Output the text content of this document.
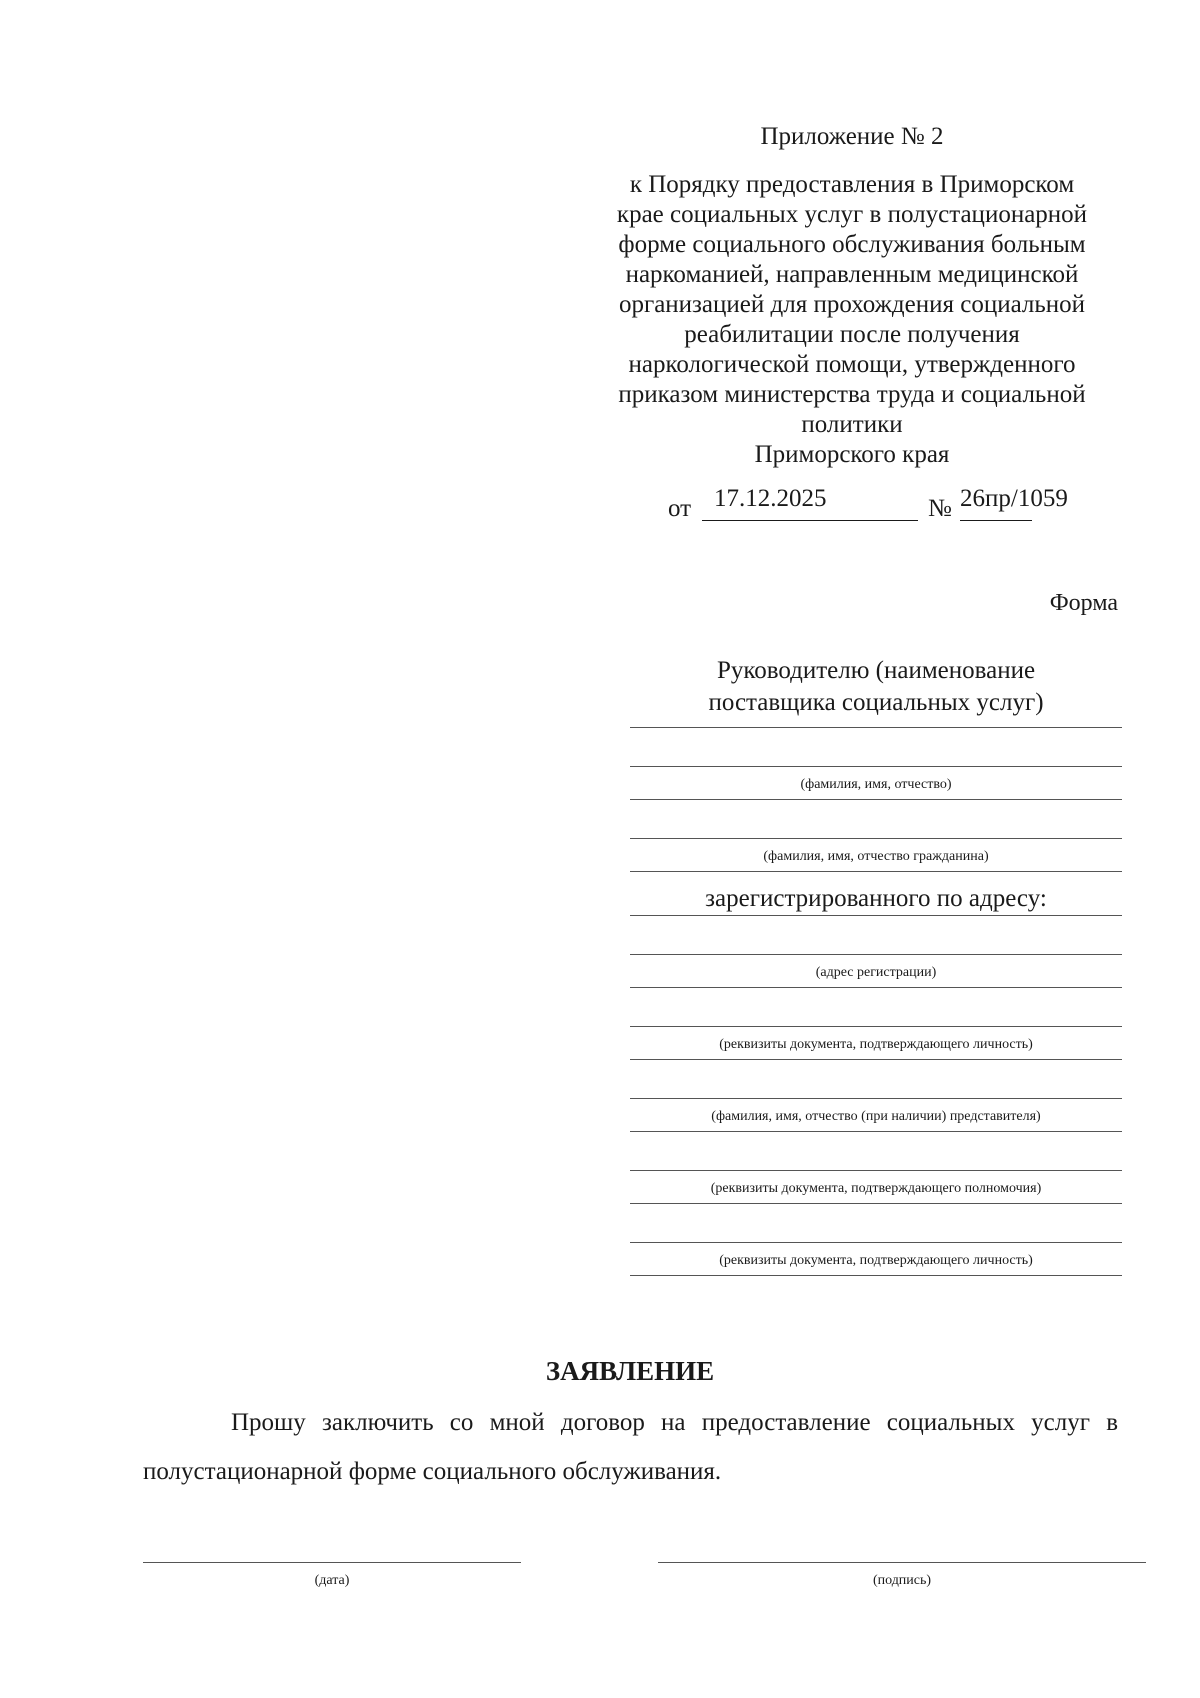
Приложение № 2
к Порядку предоставления в Приморском
крае социальных услуг в полустационарной
форме социального обслуживания больным
наркоманией, направленным медицинской
организацией для прохождения социальной
реабилитации после получения
наркологической помощи, утвержденного
приказом министерства труда и социальной
политики
Приморского края
от 17.12.2025	№ 26пр/1059
Форма
Руководителю (наименование
поставщика социальных услуг)
(фамилия, имя, отчество)
(фамилия, имя, отчество гражданина)
зарегистрированного по адресу:
(адрес регистрации)
(реквизиты документа, подтверждающего личность)
(фамилия, имя, отчество (при наличии) представителя)
(реквизиты документа, подтверждающего полномочия)
(реквизиты документа, подтверждающего личность)
ЗАЯВЛЕНИЕ
Прошу заключить со мной договор на предоставление социальных услуг в полустационарной форме социального обслуживания.
(дата)	(подпись)
